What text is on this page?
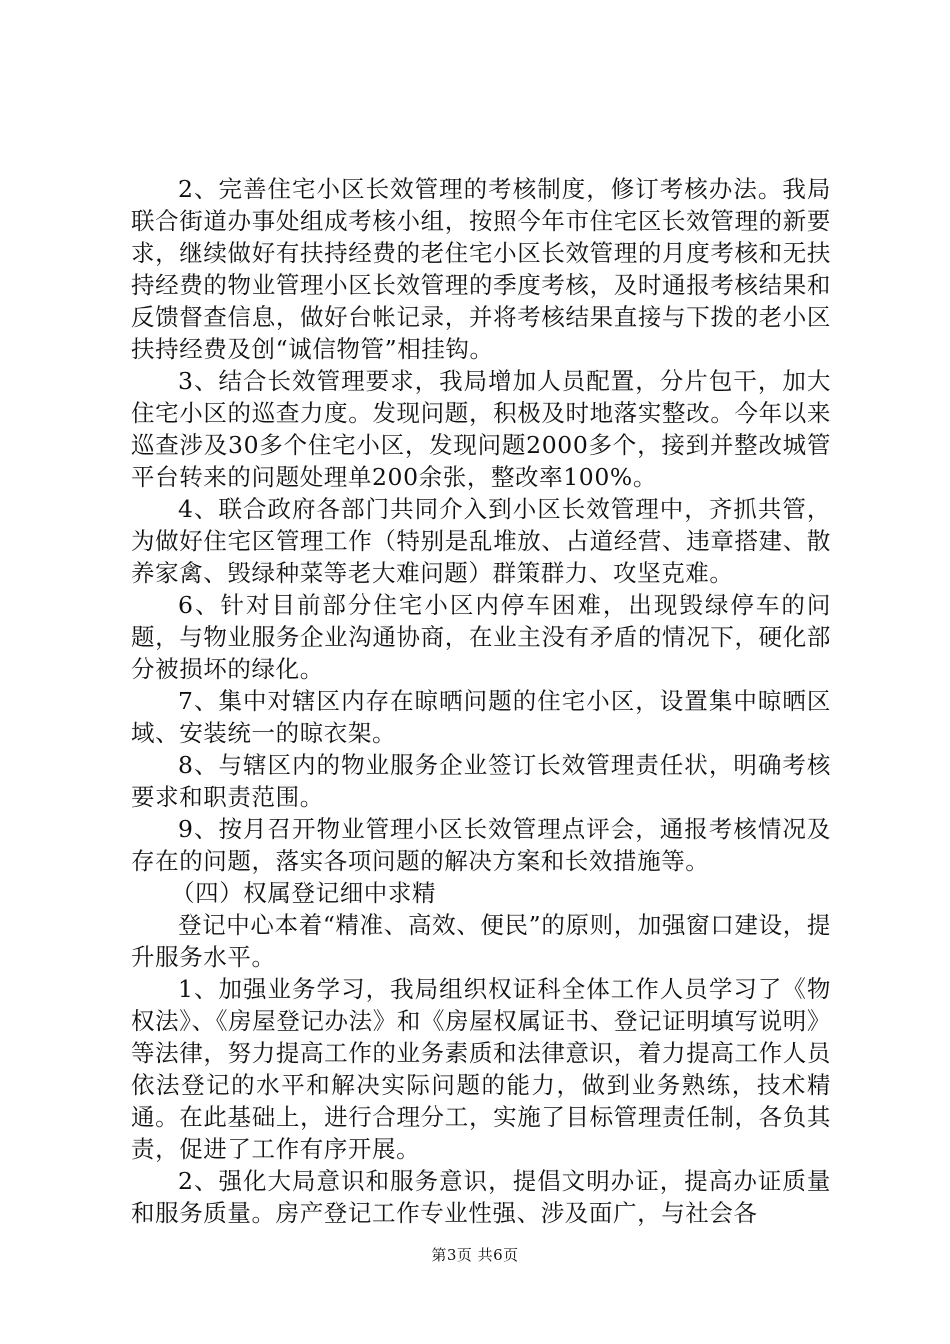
2、完善住宅小区长效管理的考核制度，修订考核办法。我局联合街道办事处组成考核小组，按照今年市住宅区长效管理的新要求，继续做好有扶持经费的老住宅小区长效管理的月度考核和无扶持经费的物业管理小区长效管理的季度考核，及时通报考核结果和反馈督查信息，做好台帐记录，并将考核结果直接与下拨的老小区扶持经费及创“诚信物管”相挂钩。

3、结合长效管理要求，我局增加人员配置，分片包干，加大住宅小区的巡查力度。发现问题，积极及时地落实整改。今年以来巡查涉及30多个住宅小区，发现问题2000多个，接到并整改城管平台转来的问题处理单200余张，整改率100%。

4、联合政府各部门共同介入到小区长效管理中，齐抓共管，为做好住宅区管理工作（特别是乱堆放、占道经营、违章搭建、散养家禽、毁绿种菜等老大难问题）群策群力、攻坚克难。

6、针对目前部分住宅小区内停车困难，出现毁绿停车的问题，与物业服务企业沟通协商，在业主没有矛盾的情况下，硬化部分被损坏的绿化。

7、集中对辖区内存在晾晒问题的住宅小区，设置集中晾晒区域、安装统一的晾衣架。

8、与辖区内的物业服务企业签订长效管理责任状，明确考核要求和职责范围。

9、按月召开物业管理小区长效管理点评会，通报考核情况及存在的问题，落实各项问题的解决方案和长效措施等。

（四）权属登记细中求精

登记中心本着“精准、高效、便民”的原则，加强窗口建设，提升服务水平。

1、加强业务学习，我局组织权证科全体工作人员学习了《物权法》、《房屋登记办法》和《房屋权属证书、登记证明填写说明》等法律，努力提高工作的业务素质和法律意识，着力提高工作人员依法登记的水平和解决实际问题的能力，做到业务熟练，技术精通。在此基础上，进行合理分工，实施了目标管理责任制，各负其责，促进了工作有序开展。

2、强化大局意识和服务意识，提倡文明办证，提高办证质量和服务质量。房产登记工作专业性强、涉及面广，与社会各

第3页 共6页
